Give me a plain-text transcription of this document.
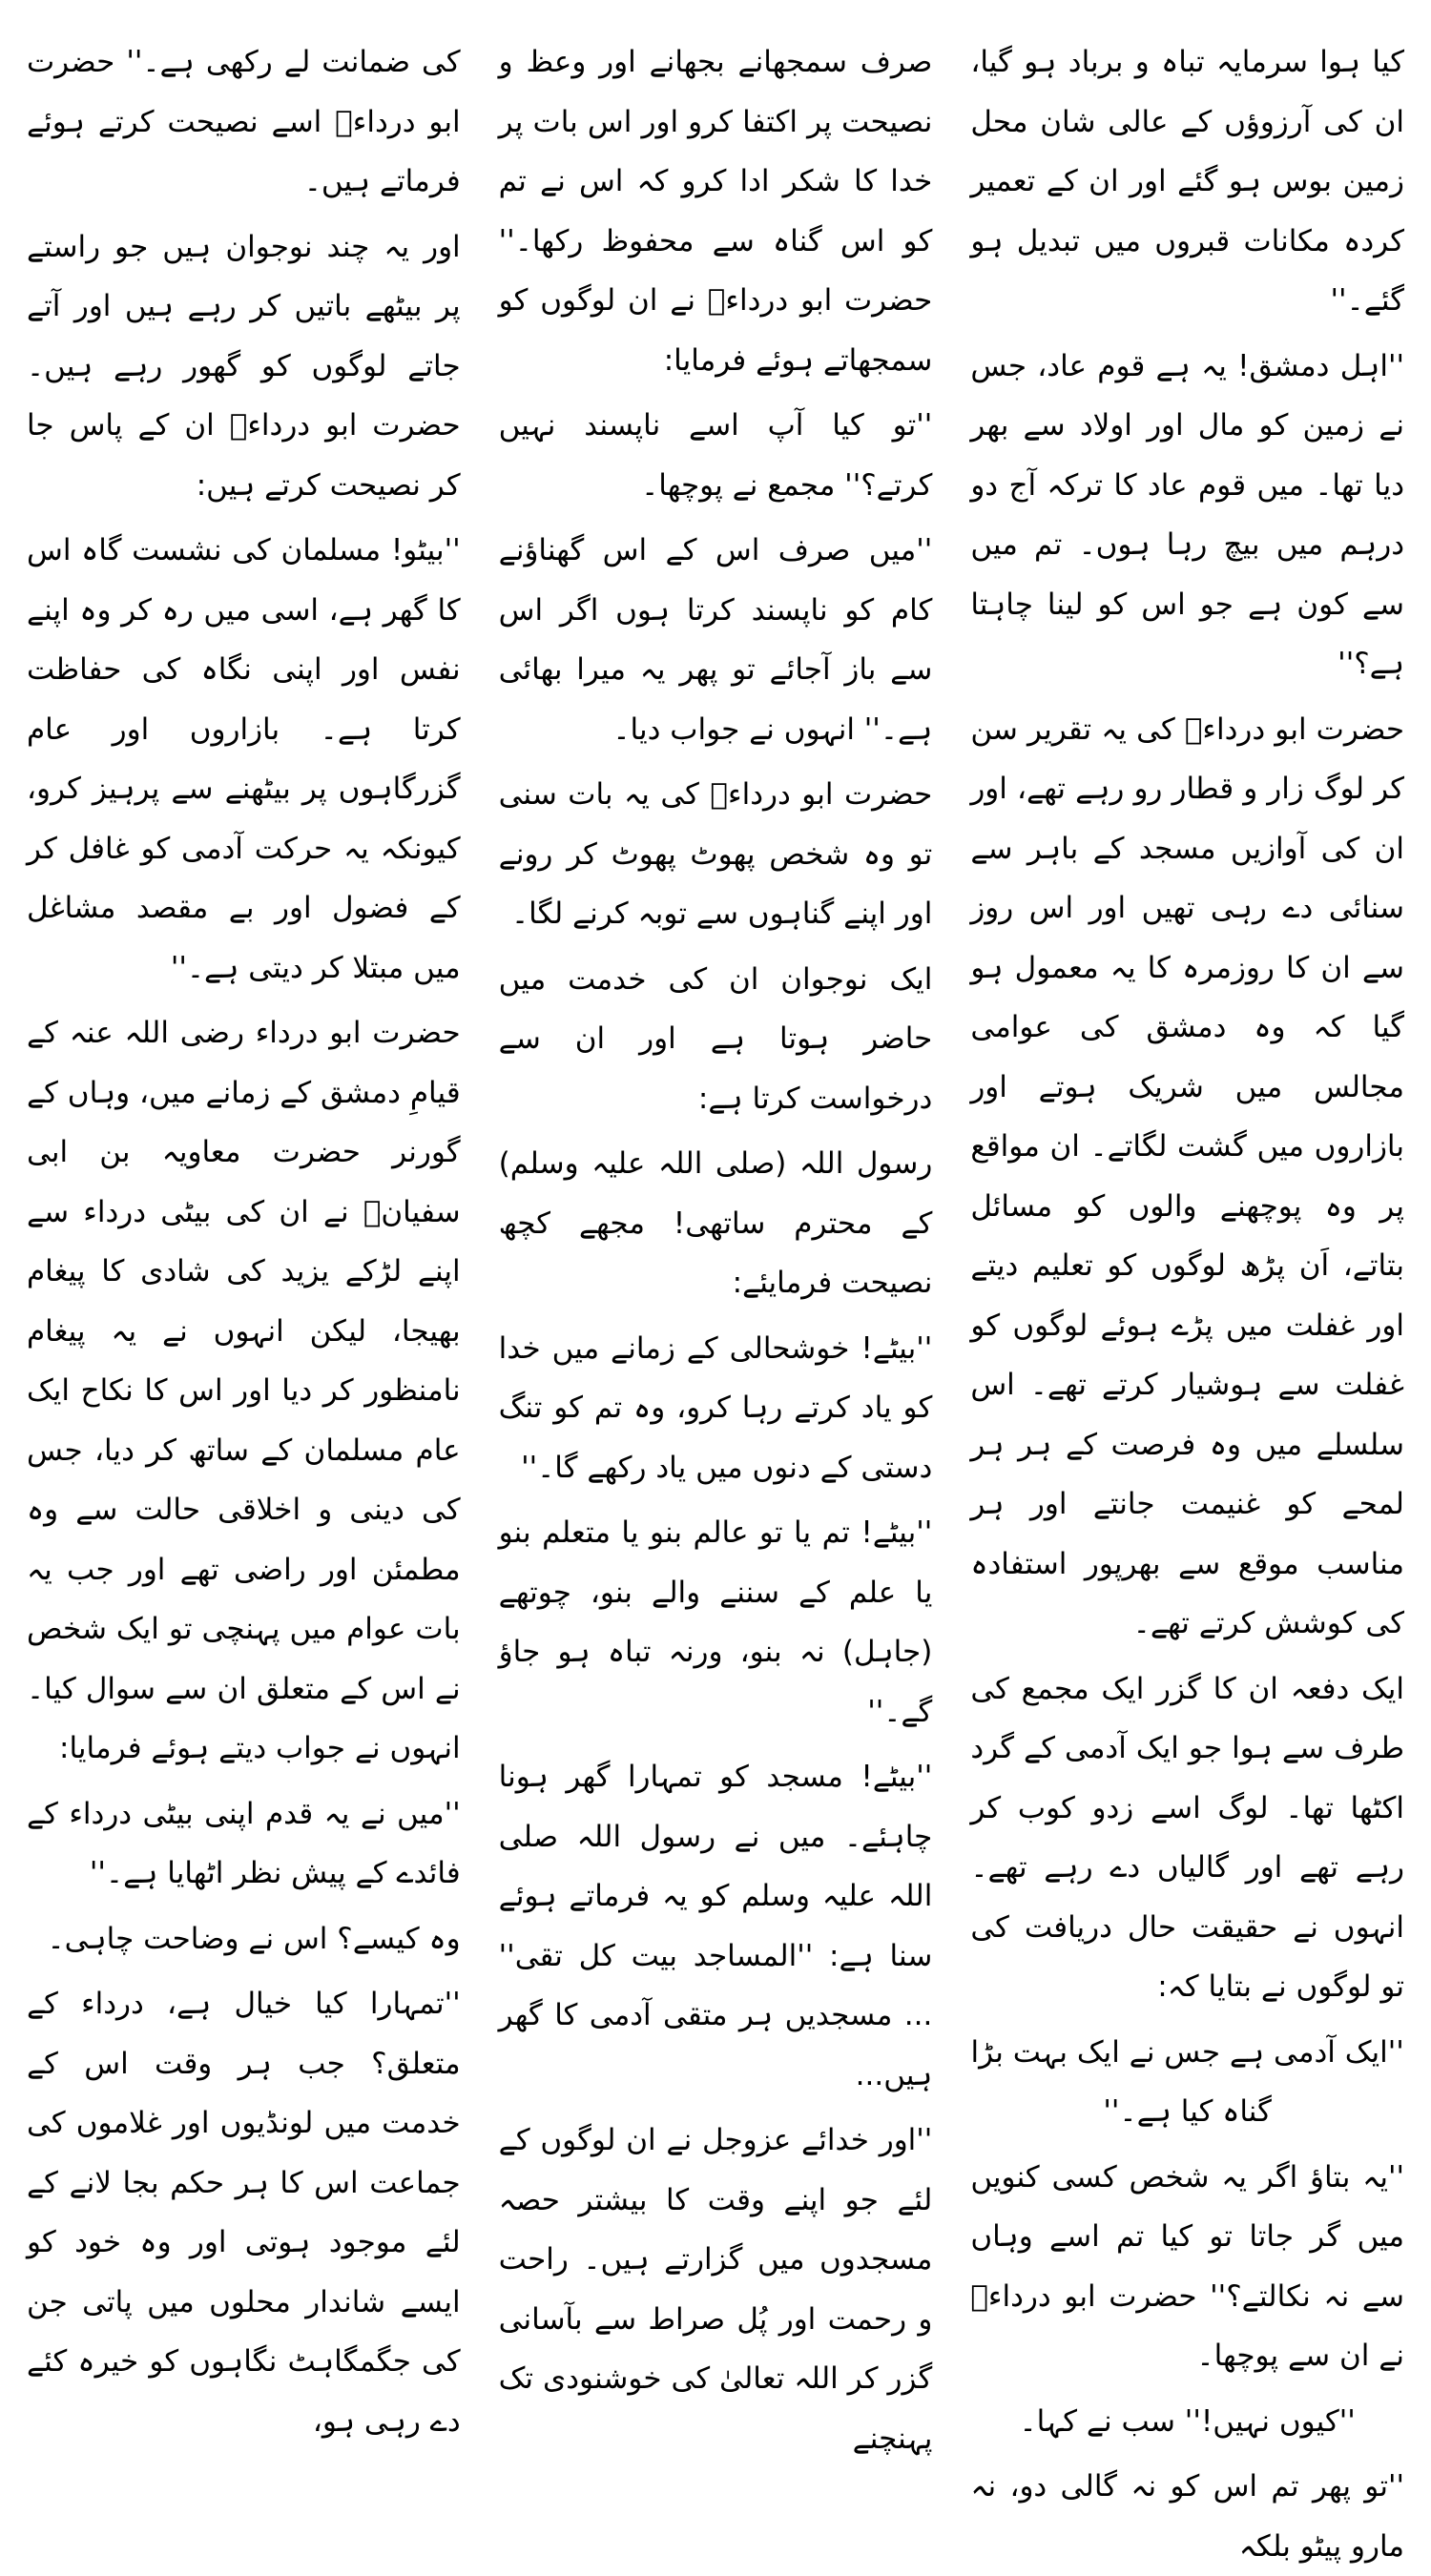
کیا ہوا سرمایہ تباہ و برباد ہو گیا، ان کی آرزوؤں کے عالی شان محل زمین بوس ہو گئے اور ان کے تعمیر کردہ مکانات قبروں میں تبدیل ہو گئے۔''

''اہل دمشق! یہ ہے قوم عاد، جس نے زمین کو مال اور اولاد سے بھر دیا تھا۔ میں قوم عاد کا ترکہ آج دو درہم میں بیچ رہا ہوں۔ تم میں سے کون ہے جو اس کو لینا چاہتا ہے؟''

حضرت ابو درداءؓ کی یہ تقریر سن کر لوگ زار و قطار رو رہے تھے، اور ان کی آوازیں مسجد کے باہر سے سنائی دے رہی تھیں اور اس روز سے ان کا روزمرہ کا یہ معمول ہو گیا کہ وہ دمشق کی عوامی مجالس میں شریک ہوتے اور بازاروں میں گشت لگاتے۔ ان مواقع پر وہ پوچھنے والوں کو مسائل بتاتے، اَن پڑھ لوگوں کو تعلیم دیتے اور غفلت میں پڑے ہوئے لوگوں کو غفلت سے ہوشیار کرتے تھے۔ اس سلسلے میں وہ فرصت کے ہر ہر لمحے کو غنیمت جانتے اور ہر مناسب موقع سے بھرپور استفادہ کی کوشش کرتے تھے۔

ایک دفعہ ان کا گزر ایک مجمع کی طرف سے ہوا جو ایک آدمی کے گرد اکٹھا تھا۔ لوگ اسے زدو کوب کر رہے تھے اور گالیاں دے رہے تھے۔ انہوں نے حقیقت حال دریافت کی تو لوگوں نے بتایا کہ:

''ایک آدمی ہے جس نے ایک بہت بڑا گناہ کیا ہے۔''

''یہ بتاؤ اگر یہ شخص کسی کنویں میں گر جاتا تو کیا تم اسے وہاں سے نہ نکالتے؟'' حضرت ابو درداءؓ نے ان سے پوچھا۔

''کیوں نہیں!'' سب نے کہا۔

''تو پھر تم اس کو نہ گالی دو، نہ مارو پیٹو بلکہ

صرف سمجھانے بجھانے اور وعظ و نصیحت پر اکتفا کرو اور اس بات پر خدا کا شکر ادا کرو کہ اس نے تم کو اس گناہ سے محفوظ رکھا۔'' حضرت ابو درداءؓ نے ان لوگوں کو سمجھاتے ہوئے فرمایا:

''تو کیا آپ اسے ناپسند نہیں کرتے؟'' مجمع نے پوچھا۔

''میں صرف اس کے اس گھناؤنے کام کو ناپسند کرتا ہوں اگر اس سے باز آجائے تو پھر یہ میرا بھائی ہے۔'' انہوں نے جواب دیا۔

حضرت ابو درداءؓ کی یہ بات سنی تو وہ شخص پھوٹ پھوٹ کر رونے اور اپنے گناہوں سے توبہ کرنے لگا۔

ایک نوجوان ان کی خدمت میں حاضر ہوتا ہے اور ان سے درخواست کرتا ہے:

رسول اللہ (صلی اللہ علیہ وسلم) کے محترم ساتھی! مجھے کچھ نصیحت فرمایئے:

''بیٹے! خوشحالی کے زمانے میں خدا کو یاد کرتے رہا کرو، وہ تم کو تنگ دستی کے دنوں میں یاد رکھے گا۔''

''بیٹے! تم یا تو عالم بنو یا متعلم بنو یا علم کے سننے والے بنو، چوتھے (جاہل) نہ بنو، ورنہ تباہ ہو جاؤ گے۔''

''بیٹے! مسجد کو تمہارا گھر ہونا چاہئے۔ میں نے رسول اللہ صلی اللہ علیہ وسلم کو یہ فرماتے ہوئے سنا ہے: ''المساجد بیت کل تقی'' ... مسجدیں ہر متقی آدمی کا گھر ہیں...

''اور خدائے عزوجل نے ان لوگوں کے لئے جو اپنے وقت کا بیشتر حصہ مسجدوں میں گزارتے ہیں۔ راحت و رحمت اور پُل صراط سے بآسانی گزر کر اللہ تعالیٰ کی خوشنودی تک پہنچنے

کی ضمانت لے رکھی ہے۔'' حضرت ابو درداءؓ اسے نصیحت کرتے ہوئے فرماتے ہیں۔

اور یہ چند نوجوان ہیں جو راستے پر بیٹھے باتیں کر رہے ہیں اور آتے جاتے لوگوں کو گھور رہے ہیں۔ حضرت ابو درداءؓ ان کے پاس جا کر نصیحت کرتے ہیں:

''بیٹو! مسلمان کی نشست گاہ اس کا گھر ہے، اسی میں رہ کر وہ اپنے نفس اور اپنی نگاہ کی حفاظت کرتا ہے۔ بازاروں اور عام گزرگاہوں پر بیٹھنے سے پرہیز کرو، کیونکہ یہ حرکت آدمی کو غافل کر کے فضول اور بے مقصد مشاغل میں مبتلا کر دیتی ہے۔''

حضرت ابو درداء رضی اللہ عنہ کے قیامِ دمشق کے زمانے میں، وہاں کے گورنر حضرت معاویہ بن ابی سفیانؓ نے ان کی بیٹی درداء سے اپنے لڑکے یزید کی شادی کا پیغام بھیجا، لیکن انہوں نے یہ پیغام نامنظور کر دیا اور اس کا نکاح ایک عام مسلمان کے ساتھ کر دیا، جس کی دینی و اخلاقی حالت سے وہ مطمئن اور راضی تھے اور جب یہ بات عوام میں پہنچی تو ایک شخص نے اس کے متعلق ان سے سوال کیا۔ انہوں نے جواب دیتے ہوئے فرمایا:

''میں نے یہ قدم اپنی بیٹی درداء کے فائدے کے پیش نظر اٹھایا ہے۔''

وہ کیسے؟ اس نے وضاحت چاہی۔

''تمہارا کیا خیال ہے، درداء کے متعلق؟ جب ہر وقت اس کے خدمت میں لونڈیوں اور غلاموں کی جماعت اس کا ہر حکم بجا لانے کے لئے موجود ہوتی اور وہ خود کو ایسے شاندار محلوں میں پاتی جن کی جگمگاہٹ نگاہوں کو خیرہ کئے دے رہی ہو،
